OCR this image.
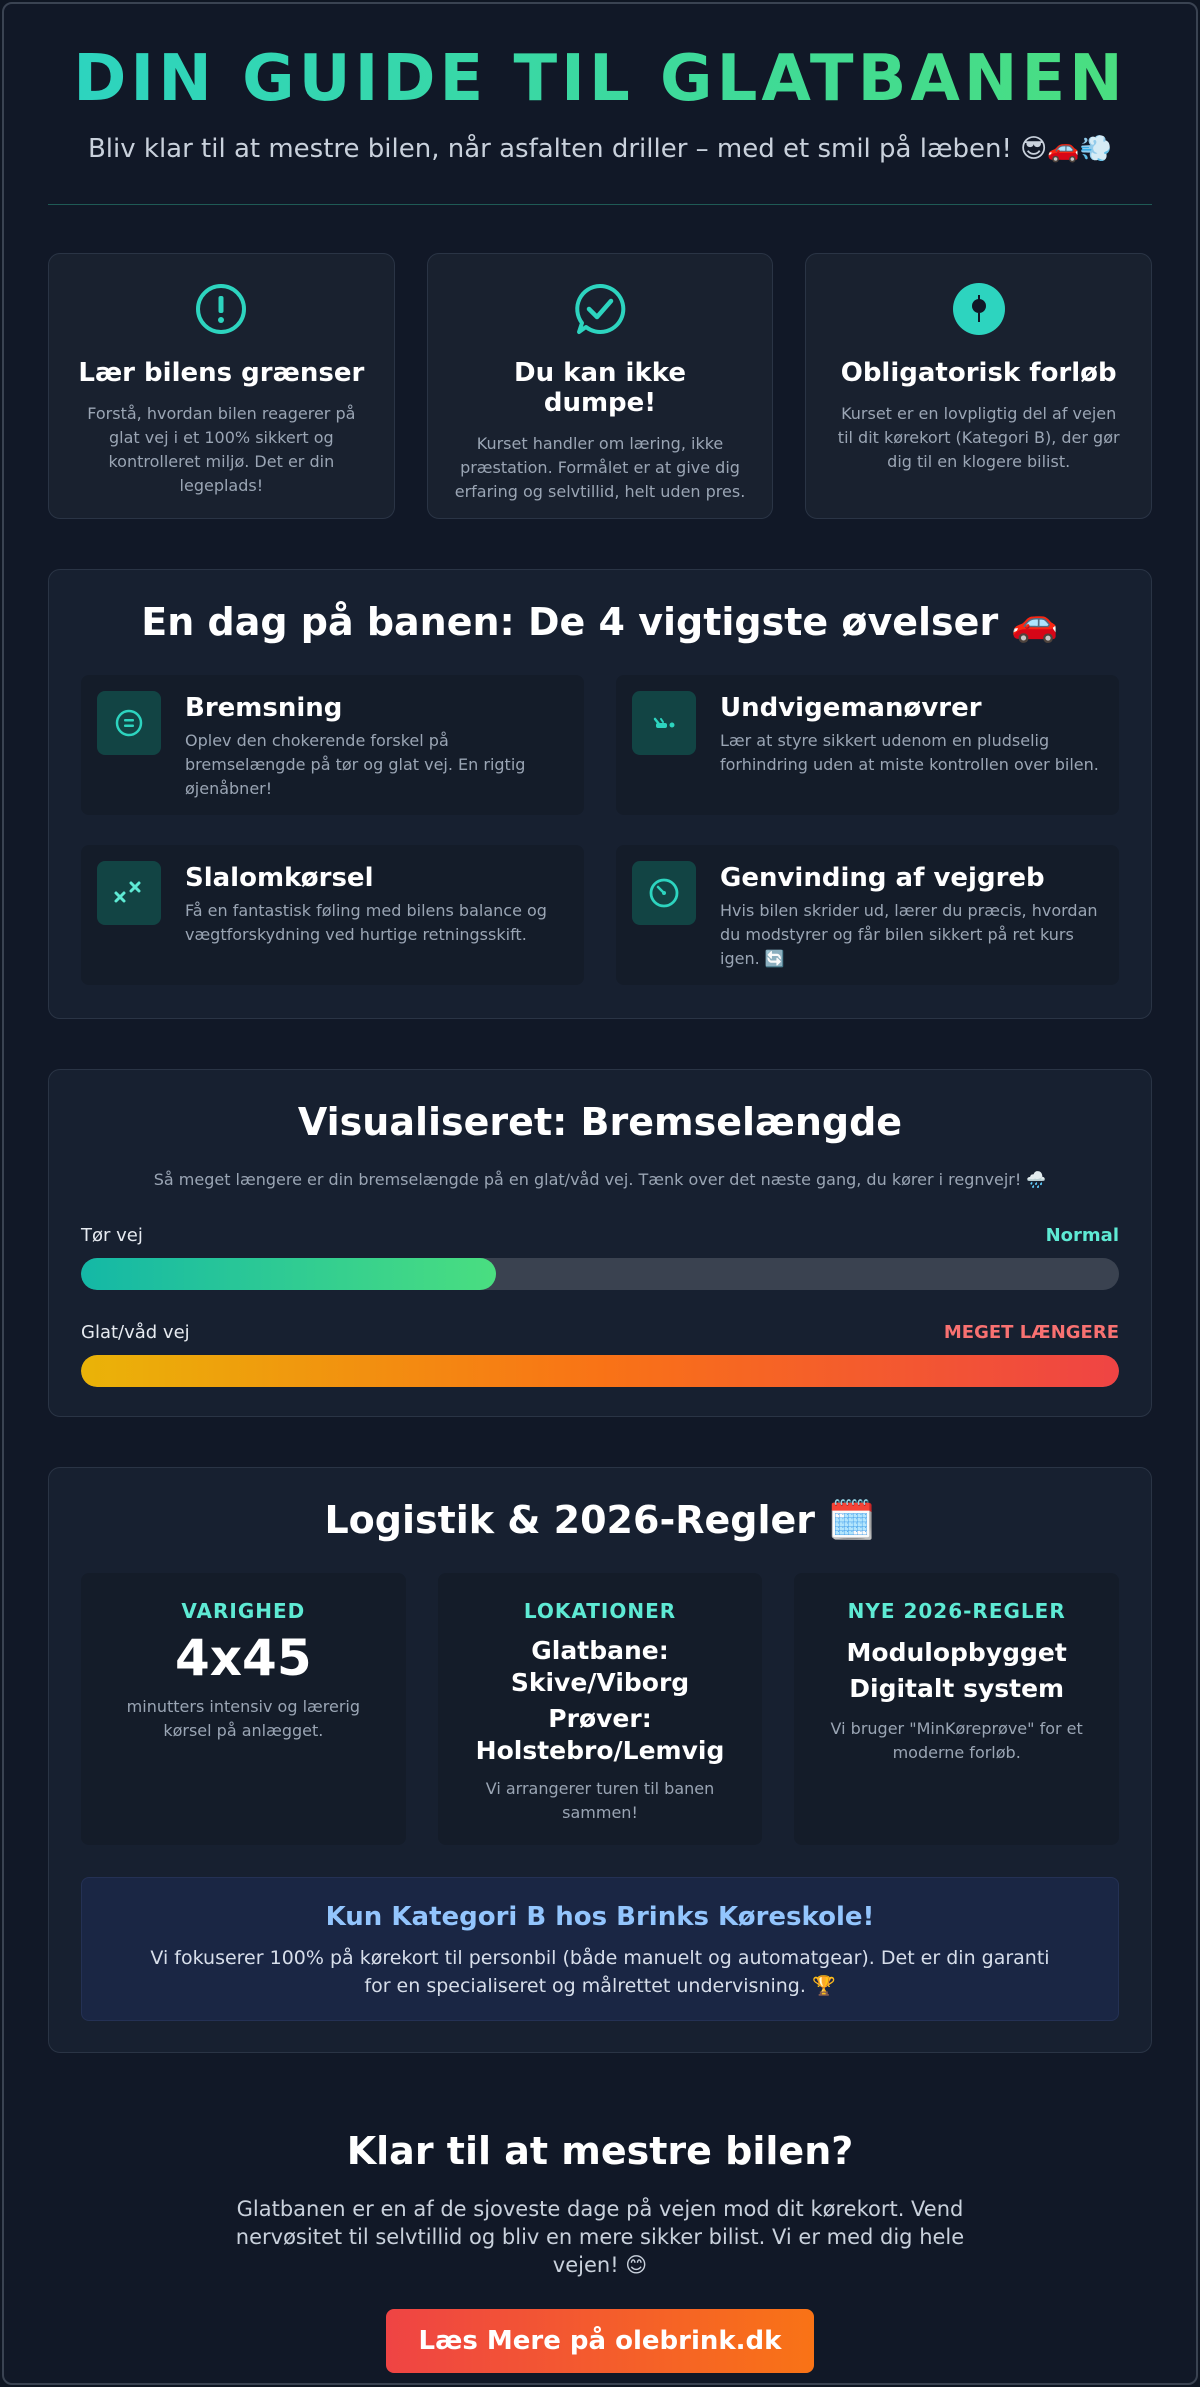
DIN GUIDE TIL GLATBANEN
Bliv klar til at mestre bilen, når asfalten driller – med et smil på læben! 😎🚗💨
Lær bilens grænser

Forstå, hvordan bilen reagerer på glat vej i et 100% sikkert og kontrolleret miljø. Det er din legeplads!

Du kan ikke dumpe!

Kurset handler om læring, ikke præstation. Formålet er at give dig erfaring og selvtillid, helt uden pres.

Obligatorisk forløb

Kurset er en lovpligtig del af vejen til dit kørekort (Kategori B), der gør dig til en klogere bilist.

En dag på banen: De 4 vigtigste øvelser 🚗
Bremsning

Oplev den chokerende forskel på bremselængde på tør og glat vej. En rigtig øjenåbner!

Undvigemanøvrer

Lær at styre sikkert udenom en pludselig forhindring uden at miste kontrollen over bilen.

Slalomkørsel

Få en fantastisk føling med bilens balance og vægtforskydning ved hurtige retningsskift.

Genvinding af vejgreb

Hvis bilen skrider ud, lærer du præcis, hvordan du modstyrer og får bilen sikkert på ret kurs igen. 🔄

Visualiseret: Bremselængde
Så meget længere er din bremselængde på en glat/våd vej. Tænk over det næste gang, du kører i regnvejr! 🌧️
Tør vej	Normal
Glat/våd vej	MEGET LÆNGERE
Logistik & 2026-Regler 🗓️
VARIGHED
4x45
minutters intensiv og lærerig kørsel på anlægget.
LOKATIONER
Glatbane:
Skive/Viborg
Prøver:
Holstebro/Lemvig
Vi arrangerer turen til banen sammen!
NYE 2026-REGLER
Modulopbygget
Digitalt system
Vi bruger "MinKøreprøve" for et moderne forløb.
Kun Kategori B hos Brinks Køreskole!

Vi fokuserer 100% på kørekort til personbil (både manuelt og automatgear). Det er din garanti for en specialiseret og målrettet undervisning. 🏆

Klar til at mestre bilen?

Glatbanen er en af de sjoveste dage på vejen mod dit kørekort. Vend nervøsitet til selvtillid og bliv en mere sikker bilist. Vi er med dig hele vejen! 😊

Læs Mere på olebrink.dk
